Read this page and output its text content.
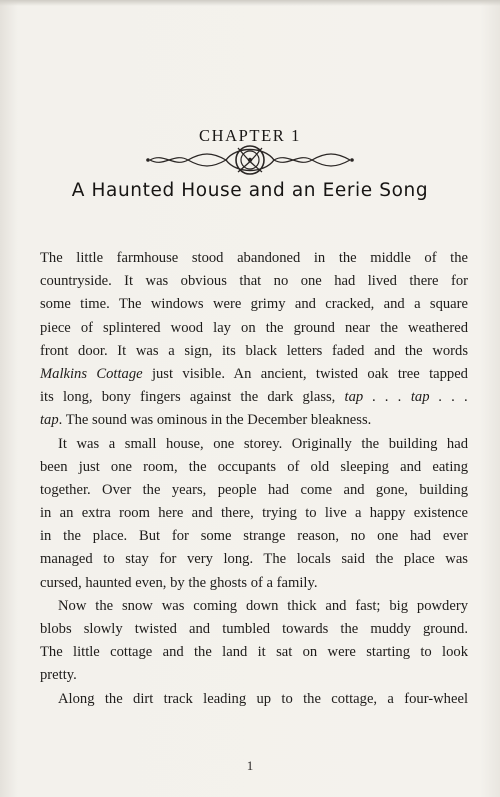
CHAPTER 1
A Haunted House and an Eerie Song
The little farmhouse stood abandoned in the middle of the
countryside. It was obvious that no one had lived there for
some time. The windows were grimy and cracked, and a square
piece of splintered wood lay on the ground near the weathered
front door. It was a sign, its black letters faded and the words
Malkins Cottage just visible. An ancient, twisted oak tree tapped
its long, bony fingers against the dark glass, tap . . . tap . . .
tap. The sound was ominous in the December bleakness.
It was a small house, one storey. Originally the building had
been just one room, the occupants of old sleeping and eating
together. Over the years, people had come and gone, building
in an extra room here and there, trying to live a happy existence
in the place. But for some strange reason, no one had ever
managed to stay for very long. The locals said the place was
cursed, haunted even, by the ghosts of a family.
Now the snow was coming down thick and fast; big powdery
blobs slowly twisted and tumbled towards the muddy ground.
The little cottage and the land it sat on were starting to look
pretty.
Along the dirt track leading up to the cottage, a four-wheel
1
